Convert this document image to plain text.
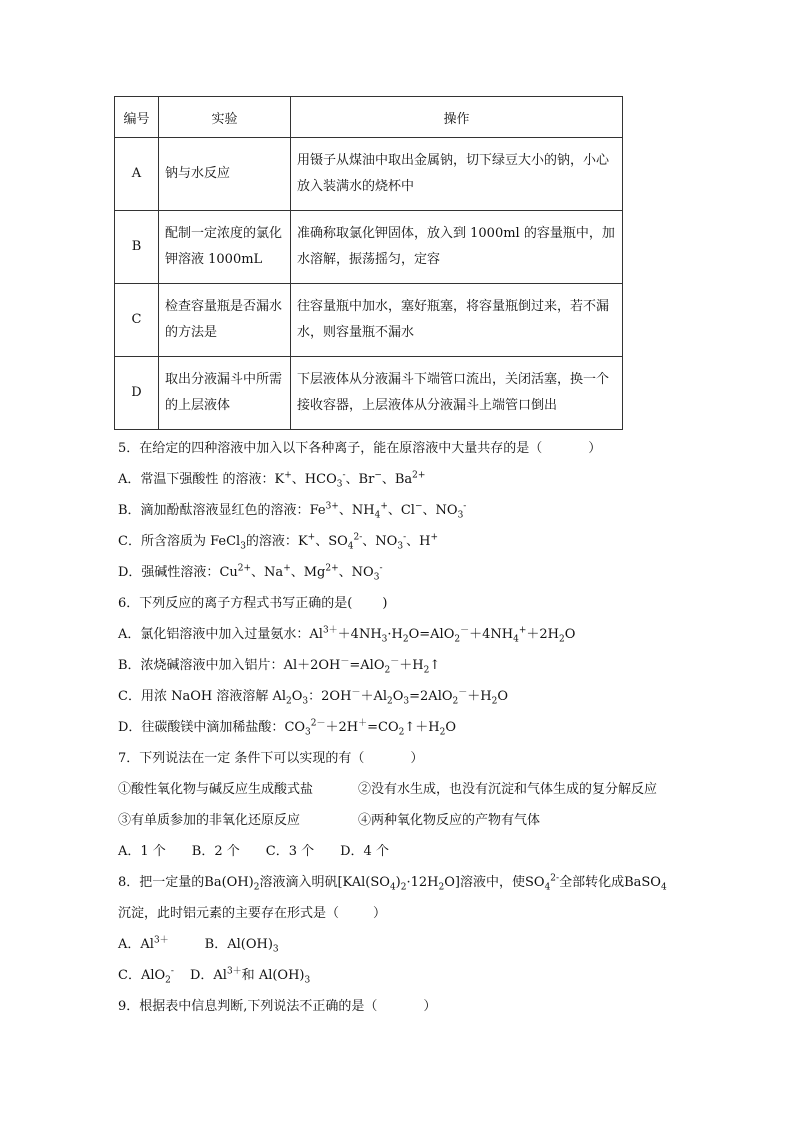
编号	实验	操作
A	钠与水反应	用镊子从煤油中取出金属钠，切下绿豆大小的钠，小心放入装满水的烧杯中
B	配制一定浓度的氯化钾溶液 1000mL	准确称取氯化钾固体，放入到 1000ml 的容量瓶中，加水溶解，振荡摇匀，定容
C	检查容量瓶是否漏水的方法是	往容量瓶中加水，塞好瓶塞，将容量瓶倒过来，若不漏水，则容量瓶不漏水
D	取出分液漏斗中所需的上层液体	下层液体从分液漏斗下端管口流出，关闭活塞，换一个接收容器，上层液体从分液漏斗上端管口倒出
5．在给定的四种溶液中加入以下各种离子，能在原溶液中大量共存的是（	）
A．常温下强酸性 的溶液：K+、$HCO_3^-$、Br−、$Ba^{2+}$
B．滴加酚酞溶液显红色的溶液：$Fe^{3+}$、$NH_4^+$、Cl−、$NO_3^-$
C．所含溶质为 FeCl$_3$的溶液：K+、$SO_4^{2-}$、$NO_3^-$、H+
D．强碱性溶液：$Cu^{2+}$、Na+、$Mg^{2+}$、$NO_3^-$
6．下列反应的离子方程式书写正确的是( )
A．氯化铝溶液中加入过量氨水：$Al^{3+}+4NH_3\cdot H_2O=AlO_2^-+4NH_4^++2H_2O$
B．浓烧碱溶液中加入铝片：$Al+2OH^-=AlO_2^-+H_2↑$
C．用浓 NaOH 溶液溶解 $Al_2O_3$：$2OH^-+Al_2O_3=2AlO_2^-+H_2O$
D．往碳酸镁中滴加稀盐酸：$CO_3^{2-}+2H^+=CO_2↑+H_2O$
7．下列说法在一定 条件下可以实现的有（	）
①酸性氧化物与碱反应生成酸式盐	②没有水生成，也没有沉淀和气体生成的复分解反应
③有单质参加的非氧化还原反应	④两种氧化物反应的产物有气体
A．1 个 B．2 个 C．3 个 D．4 个
8．把一定量的$Ba(OH)_2$溶液滴入明矾$[KAl(SO_4)_2\cdot 12H_2O]$溶液中，使$SO_4^{2-}$全部转化成BaSO$_4$
沉淀，此时铝元素的主要存在形式是（	）
A．$Al^{3+}$	B．$Al(OH)_3$
C．AlO$_2$- D．$Al^{3+}$和 $Al(OH)_3$
9．根据表中信息判断,下列说法不正确的是（	）
